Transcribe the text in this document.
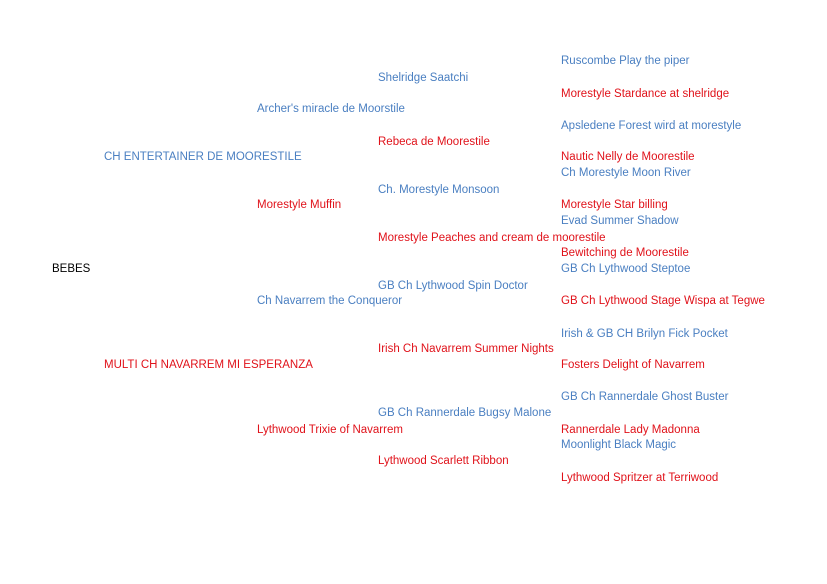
BEBES
CH ENTERTAINER DE MOORESTILE
MULTI CH NAVARREM MI ESPERANZA
Archer's miracle de Moorstile
Morestyle Muffin
Ch Navarrem the Conqueror
Lythwood Trixie of Navarrem
Shelridge Saatchi
Rebeca de Moorestile
Ch. Morestyle Monsoon
Morestyle Peaches and cream de moorestile
GB Ch Lythwood Spin Doctor
Irish Ch Navarrem Summer Nights
GB Ch Rannerdale Bugsy Malone
Lythwood Scarlett Ribbon
Ruscombe Play the piper
Morestyle Stardance at shelridge
Apsledene Forest wird at morestyle
Nautic Nelly de Moorestile
Ch Morestyle Moon River
Morestyle Star billing
Evad Summer Shadow
Bewitching de Moorestile
GB Ch Lythwood Steptoe
GB Ch Lythwood Stage Wispa at Tegwe
Irish & GB CH Brilyn Fick Pocket
Fosters Delight of Navarrem
GB Ch Rannerdale Ghost Buster
Rannerdale Lady Madonna
Moonlight Black Magic
Lythwood Spritzer at Terriwood
